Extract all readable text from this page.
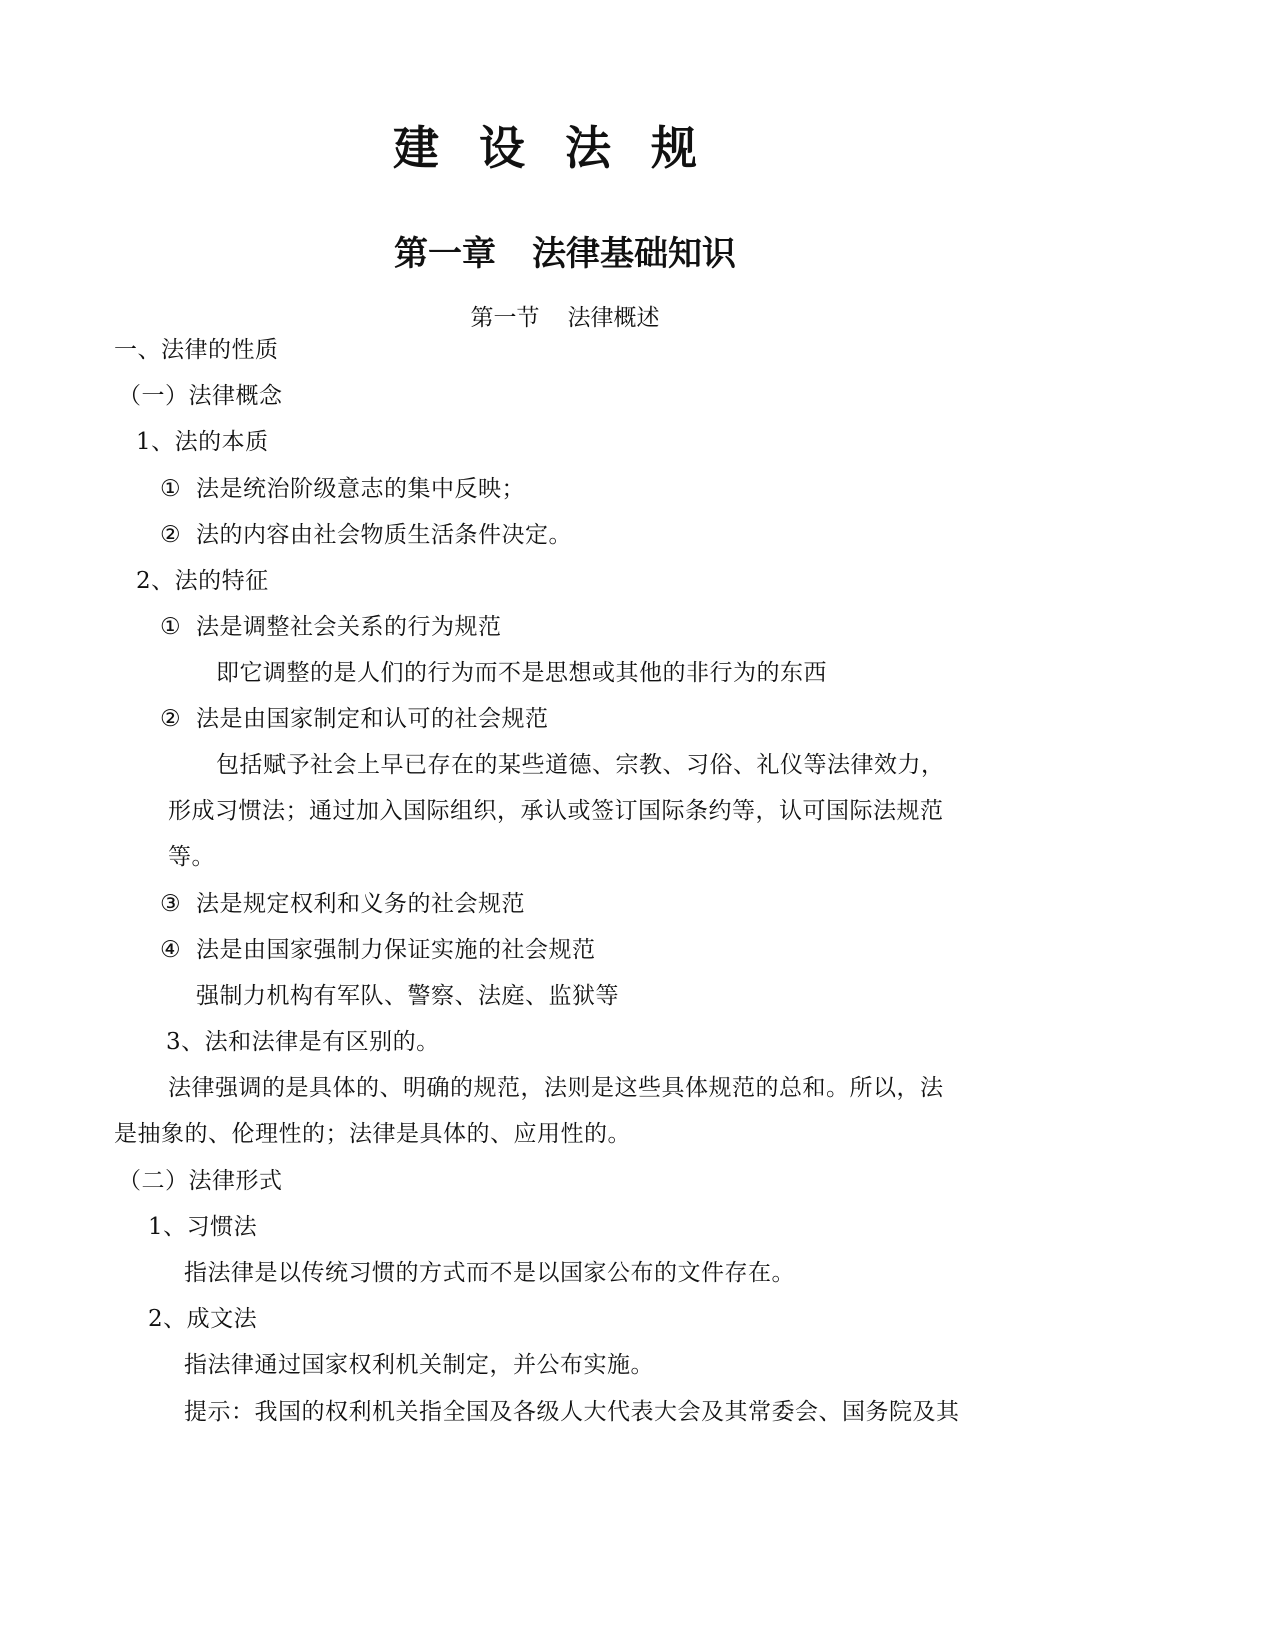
建设法规
第一章 法律基础知识
第一节 法律概述
一、法律的性质
（一）法律概念
1、法的本质
① 法是统治阶级意志的集中反映；
② 法的内容由社会物质生活条件决定。
2、法的特征
① 法是调整社会关系的行为规范
即它调整的是人们的行为而不是思想或其他的非行为的东西
② 法是由国家制定和认可的社会规范
包括赋予社会上早已存在的某些道德、宗教、习俗、礼仪等法律效力，
形成习惯法；通过加入国际组织，承认或签订国际条约等，认可国际法规范
等。
③ 法是规定权利和义务的社会规范
④ 法是由国家强制力保证实施的社会规范
强制力机构有军队、警察、法庭、监狱等
3、法和法律是有区别的。
法律强调的是具体的、明确的规范，法则是这些具体规范的总和。所以，法
是抽象的、伦理性的；法律是具体的、应用性的。
（二）法律形式
1、习惯法
指法律是以传统习惯的方式而不是以国家公布的文件存在。
2、成文法
指法律通过国家权利机关制定，并公布实施。
提示：我国的权利机关指全国及各级人大代表大会及其常委会、国务院及其
